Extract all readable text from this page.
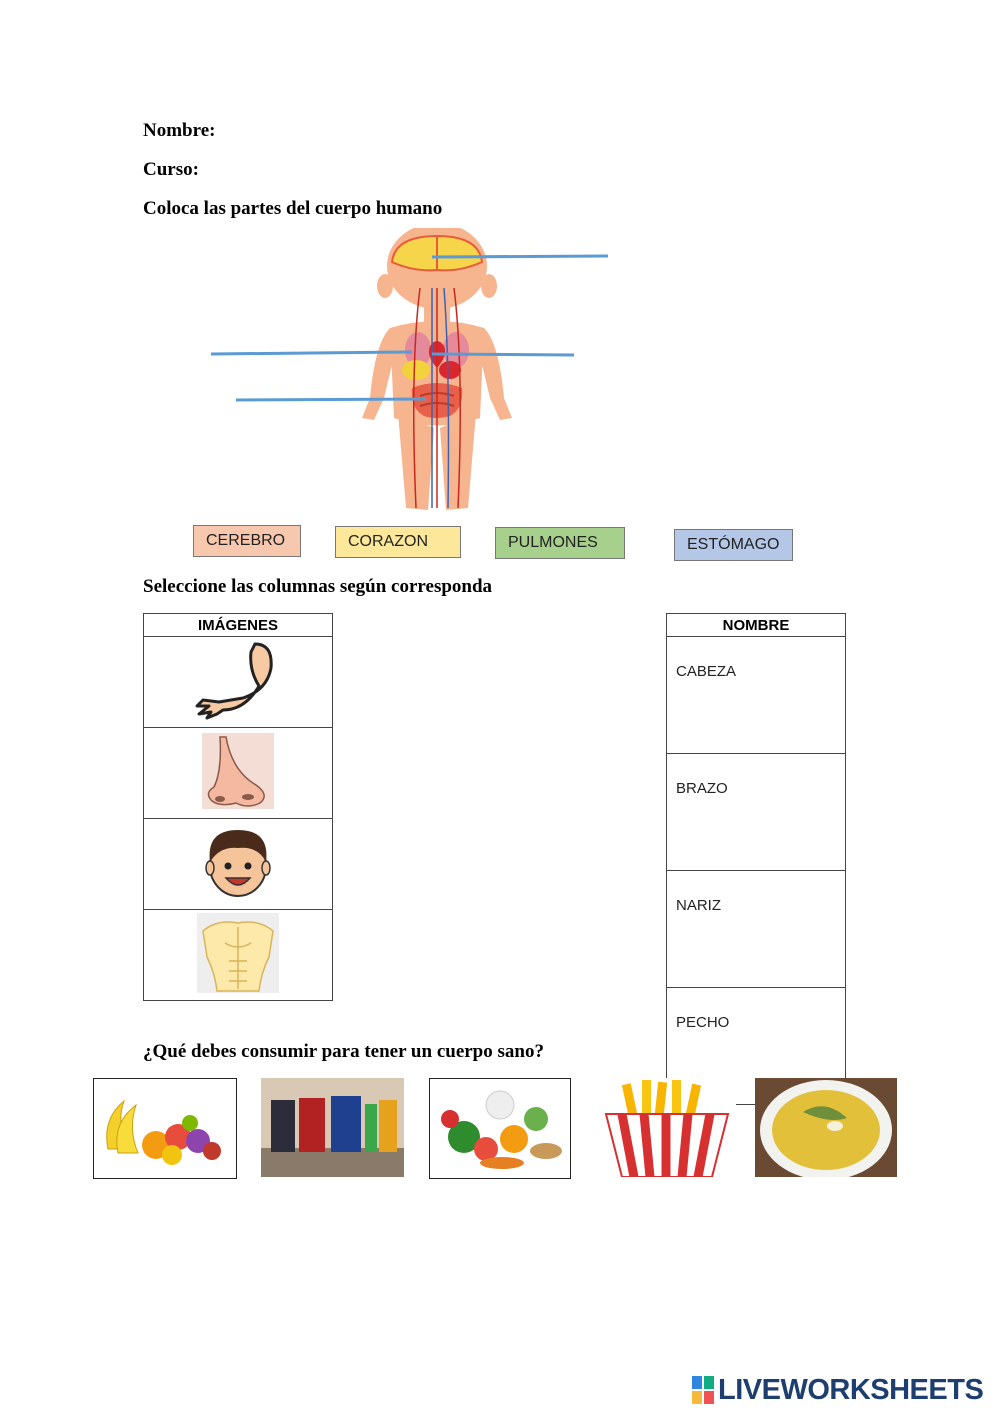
Nombre:

Curso:

Coloca las partes del cuerpo humano

CEREBRO	CORAZON	PULMONES	ESTÓMAGO

Seleccione las columnas según corresponda

IMÁGENES	NOMBRE
CABEZA
BRAZO
NARIZ
PECHO

¿Qué debes consumir para tener un cuerpo sano?

LIVEWORKSHEETS
